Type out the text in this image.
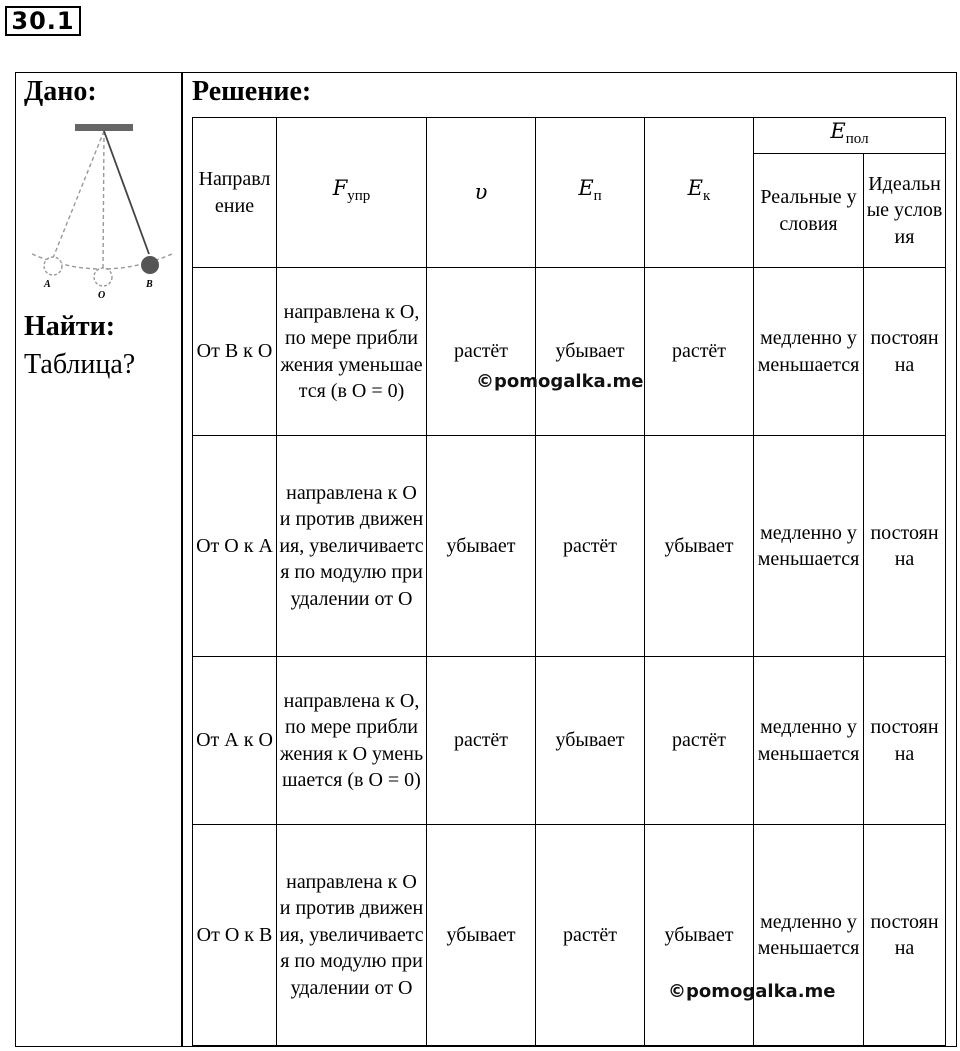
30.1
Дано:
A
O
B
Найти:
Таблица?
Решение:
Направление	$F_{упр}$	υ	$E_п$	$E_к$	$E_{пол}$
					Реальные условия	Идеальные условия
От В к О	направлена к О, по мере приближения уменьшается (в О = 0)	растёт	убывает	растёт	медленно уменьшается	постоянна
От О к А	направлена к О и против движения, увеличивается по модулю при удалении от О	убывает	растёт	убывает	медленно уменьшается	постоянна
От А к О	направлена к О, по мере приближения к О уменьшается (в О = 0)	растёт	убывает	растёт	медленно уменьшается	постоянна
От О к В	направлена к О и против движения, увеличивается по модулю при удалении от О	убывает	растёт	убывает	медленно уменьшается	постоянна
©pomogalka.me
©pomogalka.me
